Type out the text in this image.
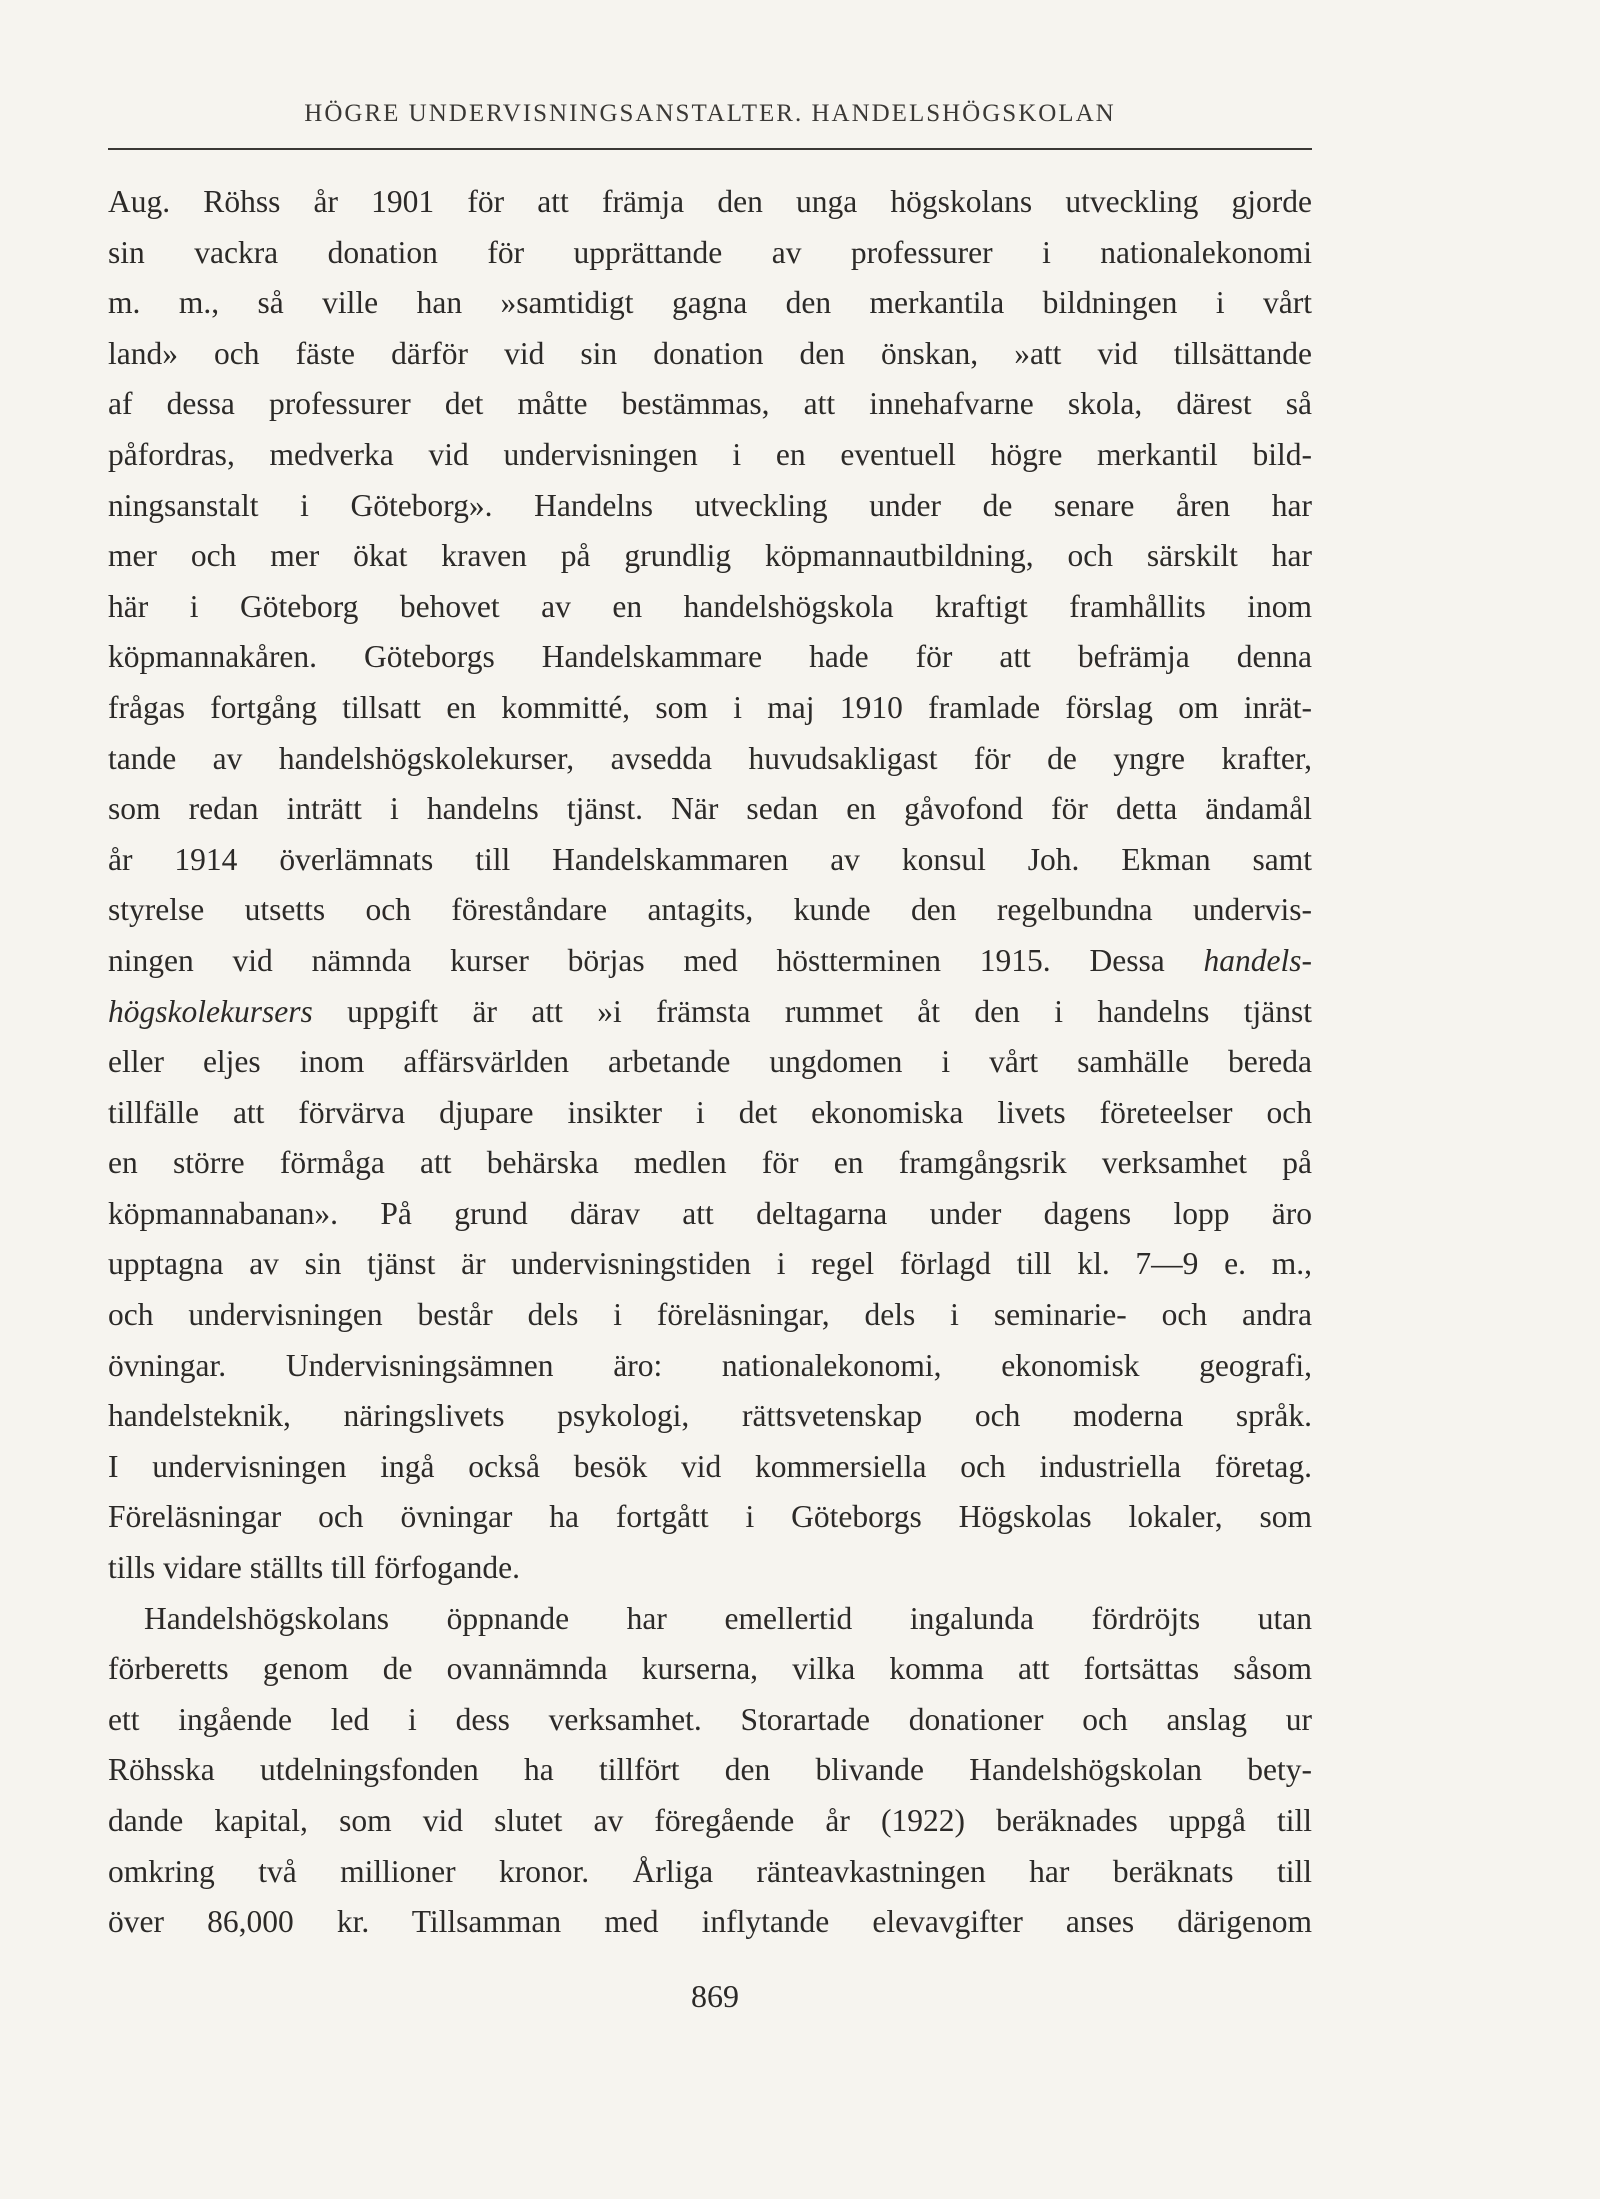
HÖGRE UNDERVISNINGSANSTALTER. HANDELSHÖGSKOLAN
Aug. Röhss år 1901 för att främja den unga högskolans utveckling gjorde
sin vackra donation för upprättande av professurer i nationalekonomi
m. m., så ville han »samtidigt gagna den merkantila bildningen i vårt
land» och fäste därför vid sin donation den önskan, »att vid tillsättande
af dessa professurer det måtte bestämmas, att innehafvarne skola, därest så
påfordras, medverka vid undervisningen i en eventuell högre merkantil bild-
ningsanstalt i Göteborg». Handelns utveckling under de senare åren har
mer och mer ökat kraven på grundlig köpmannautbildning, och särskilt har
här i Göteborg behovet av en handelshögskola kraftigt framhållits inom
köpmannakåren. Göteborgs Handelskammare hade för att befrämja denna
frågas fortgång tillsatt en kommitté, som i maj 1910 framlade förslag om inrät-
tande av handelshögskolekurser, avsedda huvudsakligast för de yngre krafter,
som redan inträtt i handelns tjänst. När sedan en gåvofond för detta ändamål
år 1914 överlämnats till Handelskammaren av konsul Joh. Ekman samt
styrelse utsetts och föreståndare antagits, kunde den regelbundna undervis-
ningen vid nämnda kurser börjas med höstterminen 1915. Dessa handels-
högskolekursers uppgift är att »i främsta rummet åt den i handelns tjänst
eller eljes inom affärsvärlden arbetande ungdomen i vårt samhälle bereda
tillfälle att förvärva djupare insikter i det ekonomiska livets företeelser och
en större förmåga att behärska medlen för en framgångsrik verksamhet på
köpmannabanan». På grund därav att deltagarna under dagens lopp äro
upptagna av sin tjänst är undervisningstiden i regel förlagd till kl. 7—9 e. m.,
och undervisningen består dels i föreläsningar, dels i seminarie- och andra
övningar. Undervisningsämnen äro: nationalekonomi, ekonomisk geografi,
handelsteknik, näringslivets psykologi, rättsvetenskap och moderna språk.
I undervisningen ingå också besök vid kommersiella och industriella företag.
Föreläsningar och övningar ha fortgått i Göteborgs Högskolas lokaler, som
tills vidare ställts till förfogande.
Handelshögskolans öppnande har emellertid ingalunda fördröjts utan
förberetts genom de ovannämnda kurserna, vilka komma att fortsättas såsom
ett ingående led i dess verksamhet. Storartade donationer och anslag ur
Röhsska utdelningsfonden ha tillfört den blivande Handelshögskolan bety-
dande kapital, som vid slutet av föregående år (1922) beräknades uppgå till
omkring två millioner kronor. Årliga ränteavkastningen har beräknats till
över 86,000 kr. Tillsamman med inflytande elevavgifter anses därigenom
869
